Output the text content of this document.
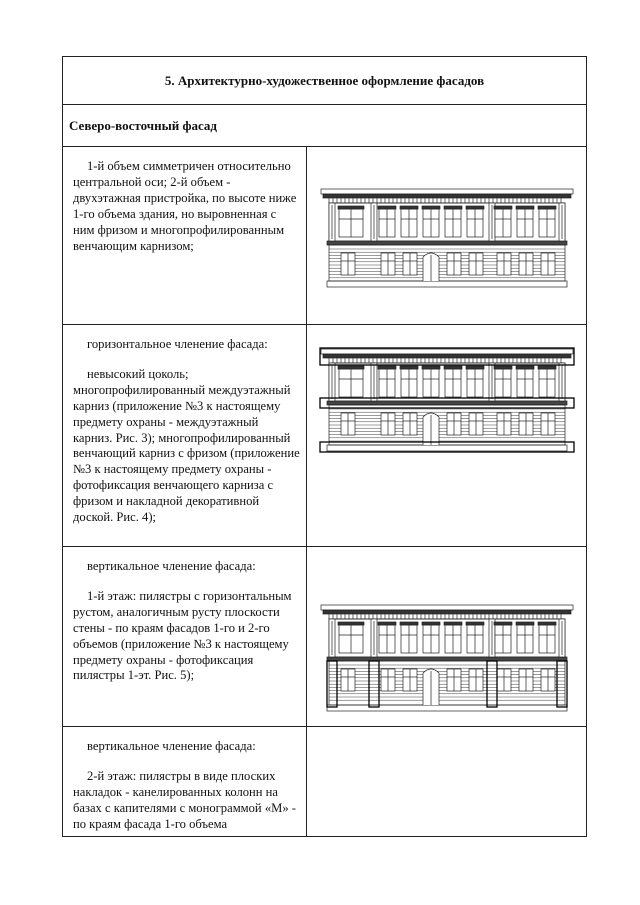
5. Архитектурно-художественное оформление фасадов	
Северо-восточный фасад	

1-й объем симметричен относительно центральной оси; 2-й объем - двухэтажная пристройка, по высоте ниже 1-го объема здания, но выровненная с ним фризом и многопрофилированным венчающим карнизом;

горизонтальное членение фасада:

невысокий цоколь; многопрофилированный междуэтажный карниз (приложение №3 к настоящему предмету охраны - междуэтажный карниз. Рис. 3); многопрофилированный венчающий карниз с фризом (приложение №3 к настоящему предмету охраны - фотофиксация венчающего карниза с фризом и накладной декоративной доской. Рис. 4);

вертикальное членение фасада:

1-й этаж: пилястры с горизонтальным рустом, аналогичным русту плоскости стены - по краям фасадов 1-го и 2-го объемов (приложение №3 к настоящему предмету охраны - фотофиксация пилястры 1-эт. Рис. 5);

вертикальное членение фасада:

2-й этаж: пилястры в виде плоских накладок - канелированных колонн на базах с капителями с монограммой «М» - по краям фасада 1-го объема	
